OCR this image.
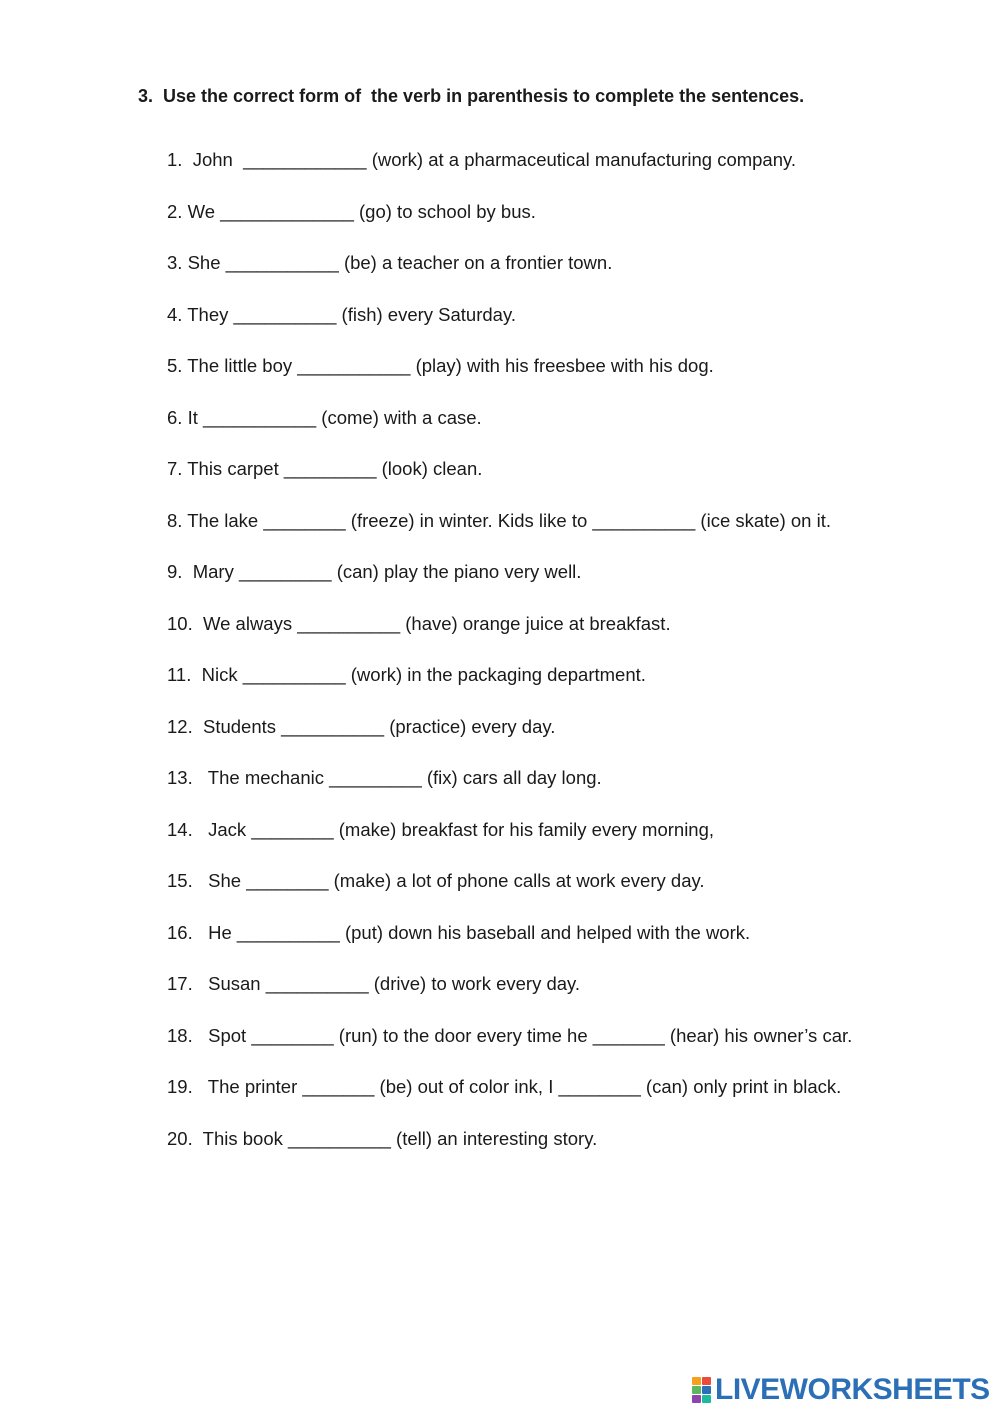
3.  Use the correct form of  the verb in parenthesis to complete the sentences.

1.  John  ____________ (work) at a pharmaceutical manufacturing company.
2. We _____________ (go) to school by bus.
3. She ___________ (be) a teacher on a frontier town.
4. They __________ (fish) every Saturday.
5. The little boy ___________ (play) with his freesbee with his dog.
6. It ___________ (come) with a case.
7. This carpet _________ (look) clean.
8. The lake ________ (freeze) in winter. Kids like to __________ (ice skate) on it.
9.  Mary _________ (can) play the piano very well.
10.  We always __________ (have) orange juice at breakfast.
11.  Nick __________ (work) in the packaging department.
12.  Students __________ (practice) every day.
13.   The mechanic _________ (fix) cars all day long.
14.   Jack ________ (make) breakfast for his family every morning,
15.   She ________ (make) a lot of phone calls at work every day.
16.   He __________ (put) down his baseball and helped with the work.
17.   Susan __________ (drive) to work every day.
18.   Spot ________ (run) to the door every time he _______ (hear) his owner’s car.
19.   The printer _______ (be) out of color ink, I ________ (can) only print in black.
20.  This book __________ (tell) an interesting story.
LIVEWORKSHEETS
